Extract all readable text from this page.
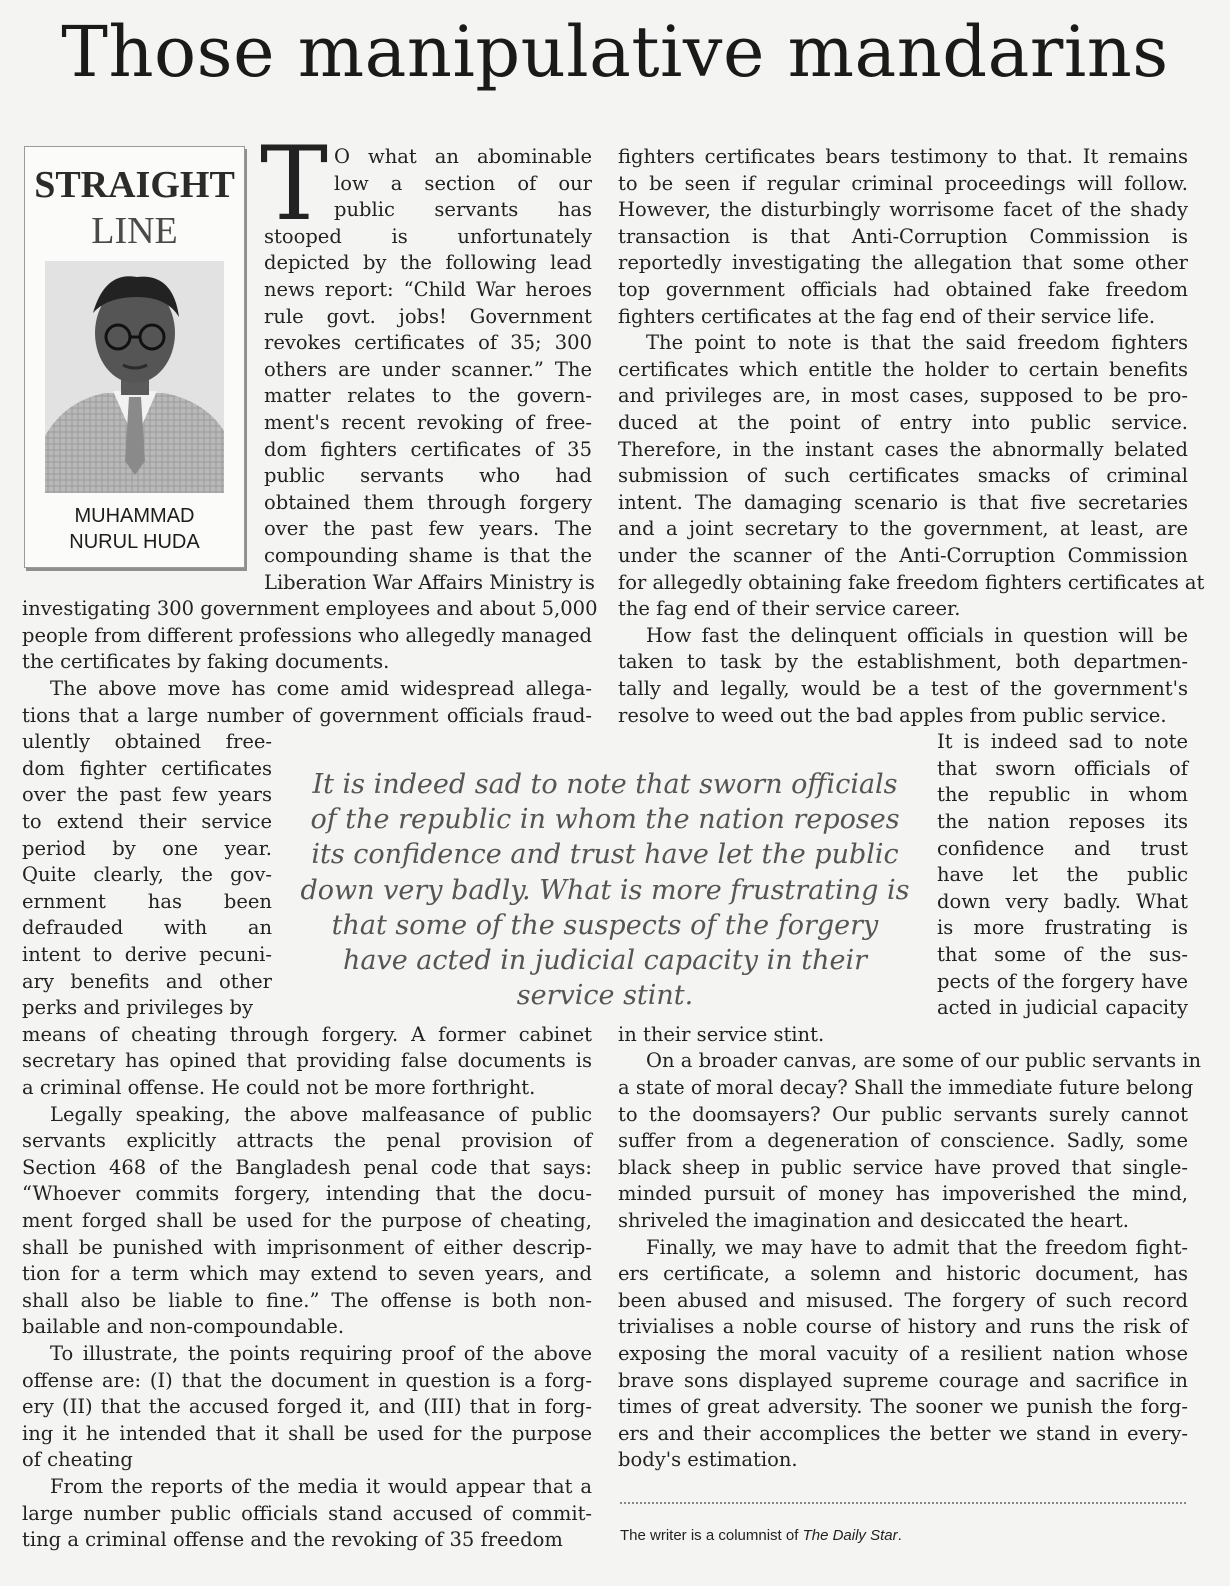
Those manipulative mandarins
STRAIGHT
LINE
MUHAMMAD
NURUL HUDA
T O what an abominable

low a section of our

public servants has

stooped is unfortunately

depicted by the following lead

news report: “Child War heroes

rule govt. jobs! Government

revokes certificates of 35; 300

others are under scanner.” The

matter relates to the govern-

ment's recent revoking of free-

dom fighters certificates of 35

public servants who had

obtained them through forgery

over the past few years. The

compounding shame is that the

Liberation War Affairs Ministry is

investigating 300 government employees and about 5,000

people from different professions who allegedly managed

the certificates by faking documents.

The above move has come amid widespread allega-

tions that a large number of government officials fraud-

ulently obtained free-

dom fighter certificates

over the past few years

to extend their service

period by one year.

Quite clearly, the gov-

ernment has been

defrauded with an

intent to derive pecuni-

ary benefits and other

perks and privileges by

means of cheating through forgery. A former cabinet

secretary has opined that providing false documents is

a criminal offense. He could not be more forthright.

Legally speaking, the above malfeasance of public

servants explicitly attracts the penal provision of

Section 468 of the Bangladesh penal code that says:

“Whoever commits forgery, intending that the docu-

ment forged shall be used for the purpose of cheating,

shall be punished with imprisonment of either descrip-

tion for a term which may extend to seven years, and

shall also be liable to fine.” The offense is both non-

bailable and non-compoundable.

To illustrate, the points requiring proof of the above

offense are: (I) that the document in question is a forg-

ery (II) that the accused forged it, and (III) that in forg-

ing it he intended that it shall be used for the purpose

of cheating

From the reports of the media it would appear that a

large number public officials stand accused of commit-

ting a criminal offense and the revoking of 35 freedom

fighters certificates bears testimony to that. It remains

to be seen if regular criminal proceedings will follow.

However, the disturbingly worrisome facet of the shady

transaction is that Anti-Corruption Commission is

reportedly investigating the allegation that some other

top government officials had obtained fake freedom

fighters certificates at the fag end of their service life.

The point to note is that the said freedom fighters

certificates which entitle the holder to certain benefits

and privileges are, in most cases, supposed to be pro-

duced at the point of entry into public service.

Therefore, in the instant cases the abnormally belated

submission of such certificates smacks of criminal

intent. The damaging scenario is that five secretaries

and a joint secretary to the government, at least, are

under the scanner of the Anti-Corruption Commission

for allegedly obtaining fake freedom fighters certificates at

the fag end of their service career.

How fast the delinquent officials in question will be

taken to task by the establishment, both departmen-

tally and legally, would be a test of the government's

resolve to weed out the bad apples from public service.

It is indeed sad to note

that sworn officials of

the republic in whom

the nation reposes its

confidence and trust

have let the public

down very badly. What

is more frustrating is

that some of the sus-

pects of the forgery have

acted in judicial capacity

in their service stint.

On a broader canvas, are some of our public servants in

a state of moral decay? Shall the immediate future belong

to the doomsayers? Our public servants surely cannot

suffer from a degeneration of conscience. Sadly, some

black sheep in public service have proved that single-

minded pursuit of money has impoverished the mind,

shriveled the imagination and desiccated the heart.

Finally, we may have to admit that the freedom fight-

ers certificate, a solemn and historic document, has

been abused and misused. The forgery of such record

trivialises a noble course of history and runs the risk of

exposing the moral vacuity of a resilient nation whose

brave sons displayed supreme courage and sacrifice in

times of great adversity. The sooner we punish the forg-

ers and their accomplices the better we stand in every-

body's estimation.

It is indeed sad to note that sworn officials of the republic in whom the nation reposes its confidence and trust have let the public down very badly. What is more frustrating is that some of the suspects of the forgery have acted in judicial capacity in their service stint.
The writer is a columnist of The Daily Star.
